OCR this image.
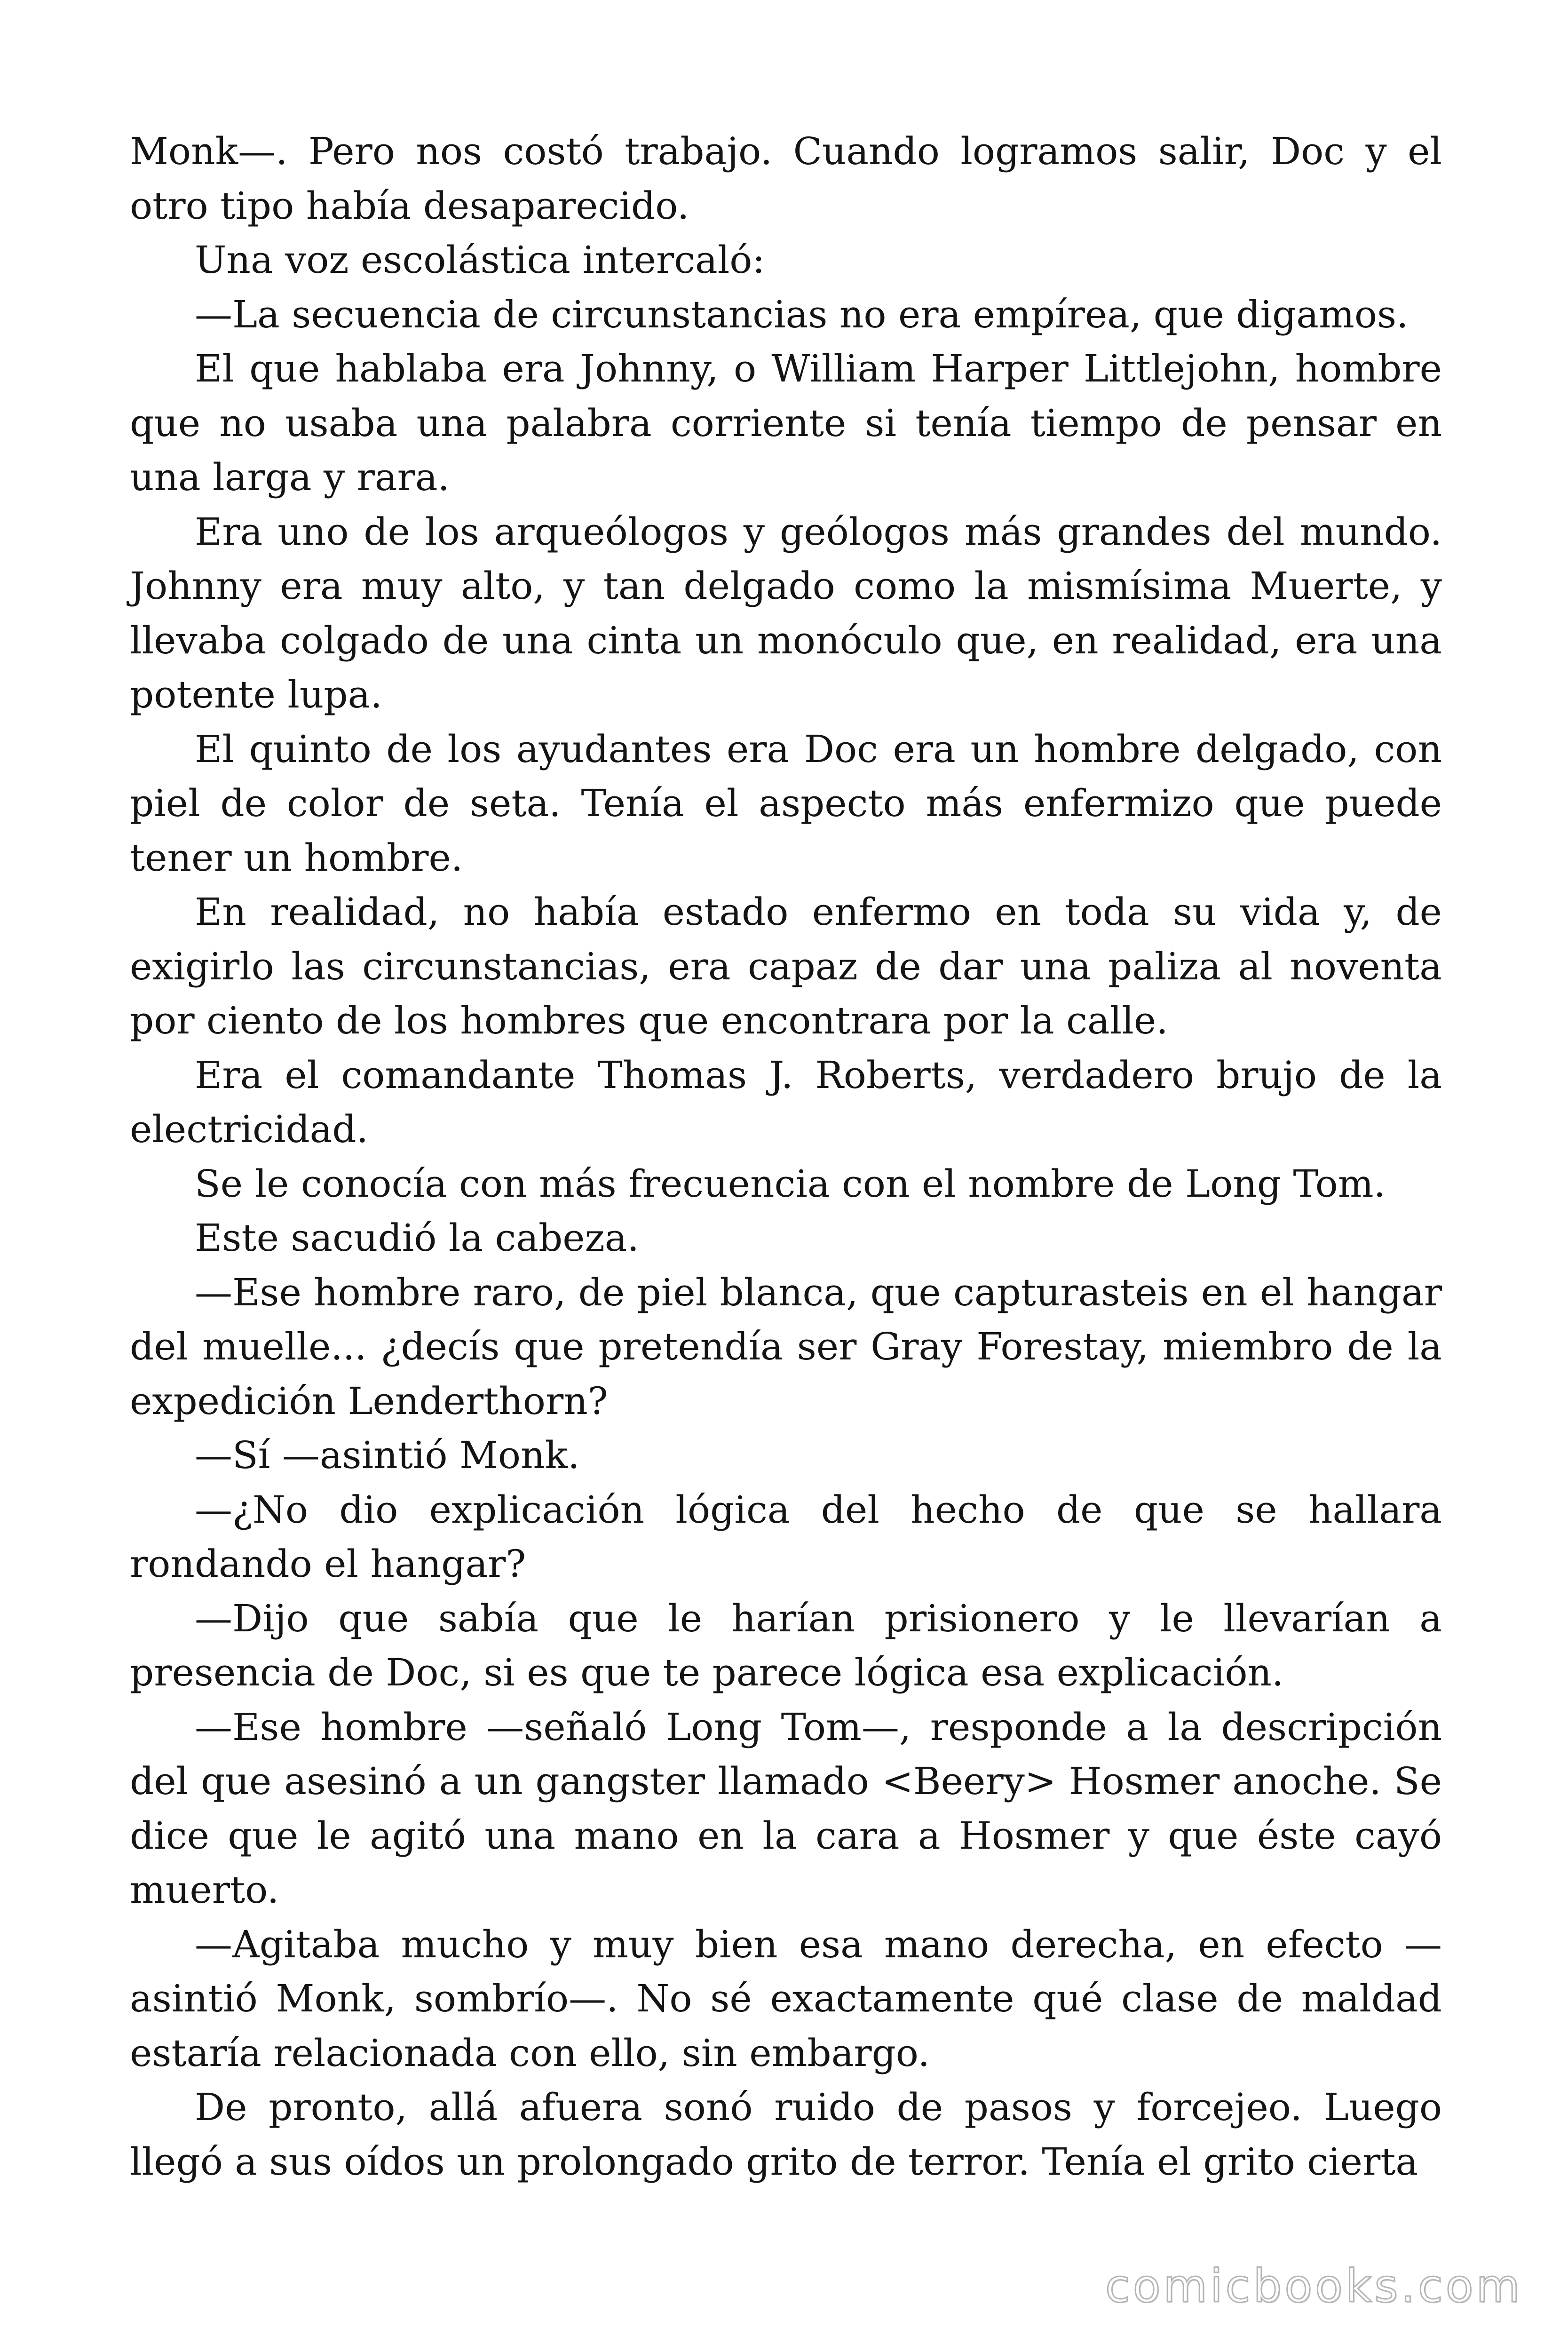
Monk—. Pero nos costó trabajo. Cuando logramos salir, Doc y el otro tipo había desaparecido.

Una voz escolástica intercaló:

—La secuencia de circunstancias no era empírea, que digamos.

El que hablaba era Johnny, o William Harper Littlejohn, hombre que no usaba una palabra corriente si tenía tiempo de pensar en una larga y rara.

Era uno de los arqueólogos y geólogos más grandes del mundo. Johnny era muy alto, y tan delgado como la mismísima Muerte, y llevaba colgado de una cinta un monóculo que, en realidad, era una potente lupa.

El quinto de los ayudantes era Doc era un hombre delgado, con piel de color de seta. Tenía el aspecto más enfermizo que puede tener un hombre.

En realidad, no había estado enfermo en toda su vida y, de exigirlo las circunstancias, era capaz de dar una paliza al noventa por ciento de los hombres que encontrara por la calle.

Era el comandante Thomas J. Roberts, verdadero brujo de la electricidad.

Se le conocía con más frecuencia con el nombre de Long Tom.

Este sacudió la cabeza.

—Ese hombre raro, de piel blanca, que capturasteis en el hangar del muelle... ¿decís que pretendía ser Gray Forestay, miembro de la expedición Lenderthorn?

—Sí —asintió Monk.

—¿No dio explicación lógica del hecho de que se hallara rondando el hangar?

—Dijo que sabía que le harían prisionero y le llevarían a presencia de Doc, si es que te parece lógica esa explicación.

—Ese hombre —señaló Long Tom—, responde a la descripción del que asesinó a un gangster llamado <Beery> Hosmer anoche. Se dice que le agitó una mano en la cara a Hosmer y que éste cayó muerto.

—Agitaba mucho y muy bien esa mano derecha, en efecto —asintió Monk, sombrío—. No sé exactamente qué clase de maldad estaría relacionada con ello, sin embargo.

De pronto, allá afuera sonó ruido de pasos y forcejeo. Luego llegó a sus oídos un prolongado grito de terror. Tenía el grito cierta

comicbooks.com
